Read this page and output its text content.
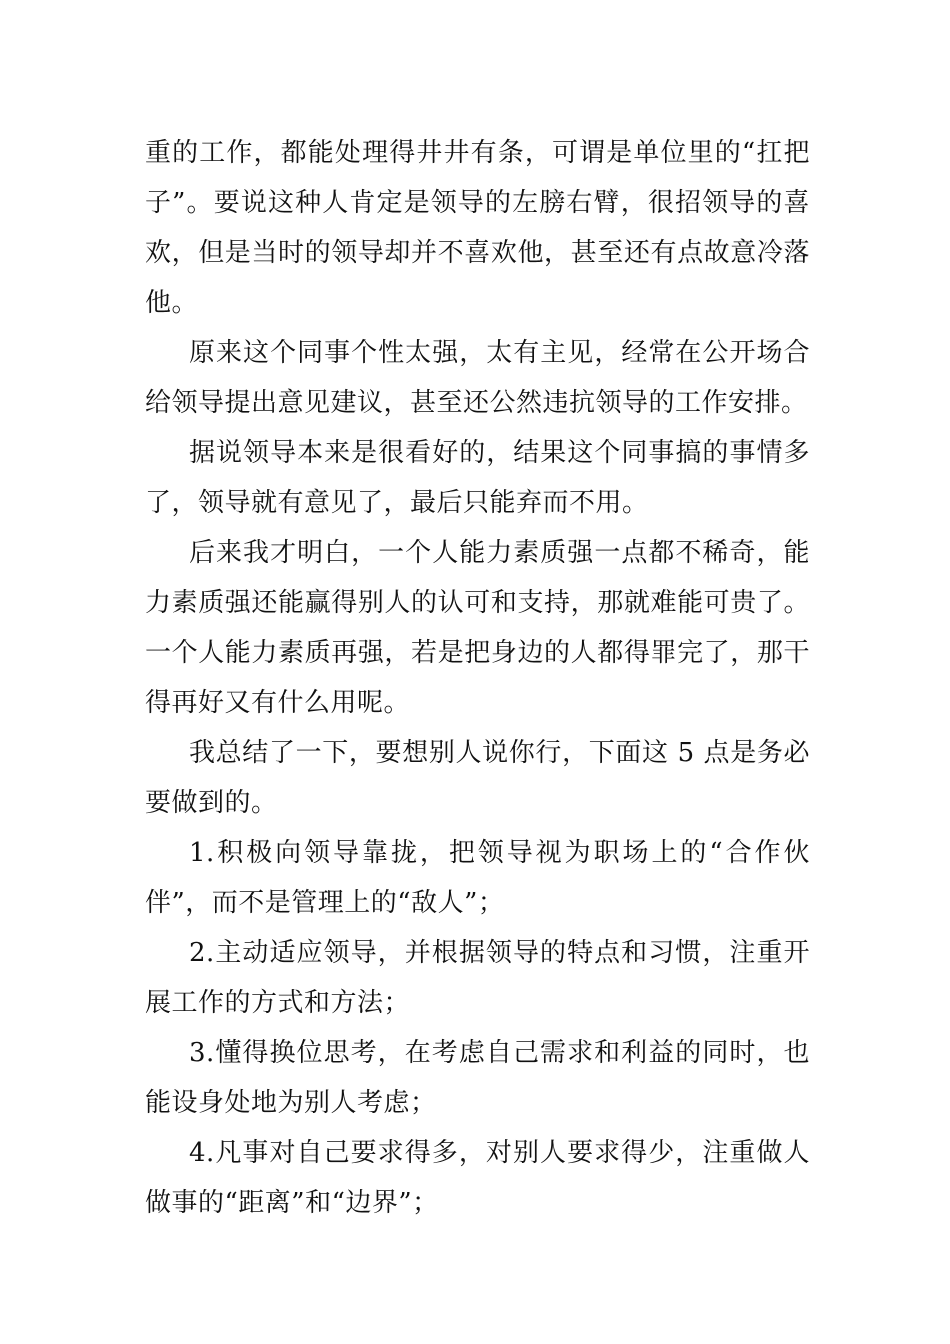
重的工作，都能处理得井井有条，可谓是单位里的“扛把子”。要说这种人肯定是领导的左膀右臂，很招领导的喜欢，但是当时的领导却并不喜欢他，甚至还有点故意冷落他。

原来这个同事个性太强，太有主见，经常在公开场合给领导提出意见建议，甚至还公然违抗领导的工作安排。

据说领导本来是很看好的，结果这个同事搞的事情多了，领导就有意见了，最后只能弃而不用。

后来我才明白，一个人能力素质强一点都不稀奇，能力素质强还能赢得别人的认可和支持，那就难能可贵了。一个人能力素质再强，若是把身边的人都得罪完了，那干得再好又有什么用呢。

我总结了一下，要想别人说你行，下面这 5 点是务必要做到的。

1.积极向领导靠拢，把领导视为职场上的“合作伙伴”，而不是管理上的“敌人”；

2.主动适应领导，并根据领导的特点和习惯，注重开展工作的方式和方法；

3.懂得换位思考，在考虑自己需求和利益的同时，也能设身处地为别人考虑；

4.凡事对自己要求得多，对别人要求得少，注重做人做事的“距离”和“边界”；
